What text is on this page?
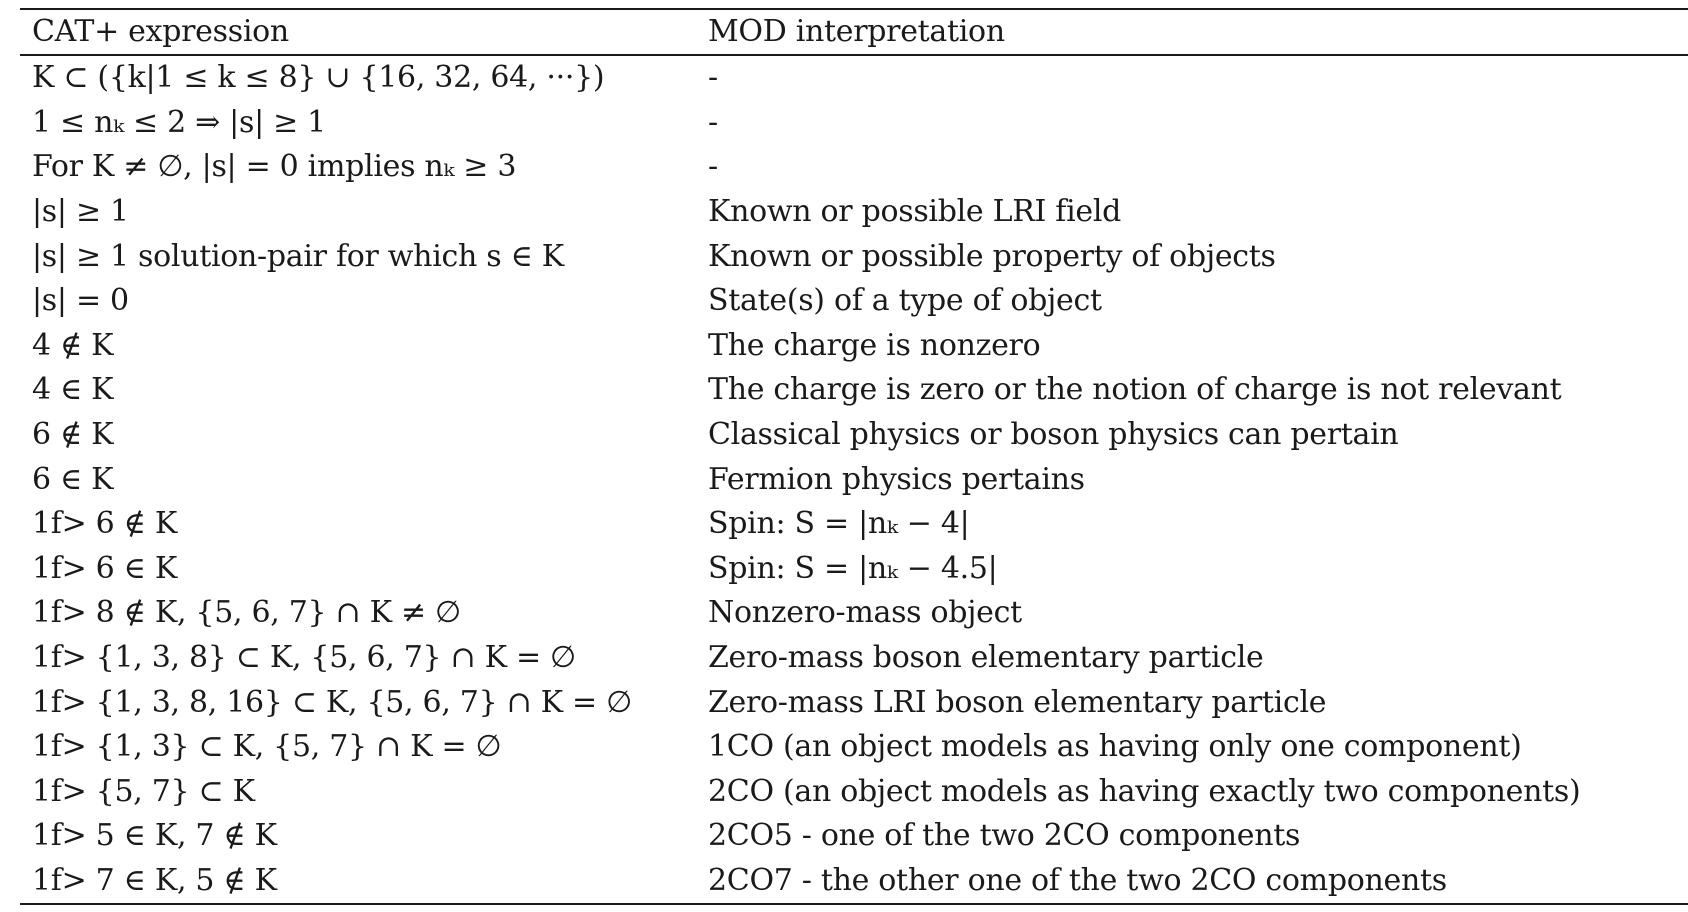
CAT+ expression	MOD interpretation
K ⊂ ({k|1 ≤ k ≤ 8} ∪ {16, 32, 64, ···})	-
1 ≤ nₖ ≤ 2 ⇒ |s| ≥ 1	-
For K ≠ ∅, |s| = 0 implies nₖ ≥ 3	-
|s| ≥ 1	Known or possible LRI field
|s| ≥ 1 solution-pair for which s ∈ K	Known or possible property of objects
|s| = 0	State(s) of a type of object
4 ∉ K	The charge is nonzero
4 ∈ K	The charge is zero or the notion of charge is not relevant
6 ∉ K	Classical physics or boson physics can pertain
6 ∈ K	Fermion physics pertains
1f> 6 ∉ K	Spin: S = |nₖ − 4|
1f> 6 ∈ K	Spin: S = |nₖ − 4.5|
1f> 8 ∉ K, {5, 6, 7} ∩ K ≠ ∅	Nonzero-mass object
1f> {1, 3, 8} ⊂ K, {5, 6, 7} ∩ K = ∅	Zero-mass boson elementary particle
1f> {1, 3, 8, 16} ⊂ K, {5, 6, 7} ∩ K = ∅	Zero-mass LRI boson elementary particle
1f> {1, 3} ⊂ K, {5, 7} ∩ K = ∅	1CO (an object models as having only one component)
1f> {5, 7} ⊂ K	2CO (an object models as having exactly two components)
1f> 5 ∈ K, 7 ∉ K	2CO5 - one of the two 2CO components
1f> 7 ∈ K, 5 ∉ K	2CO7 - the other one of the two 2CO components
